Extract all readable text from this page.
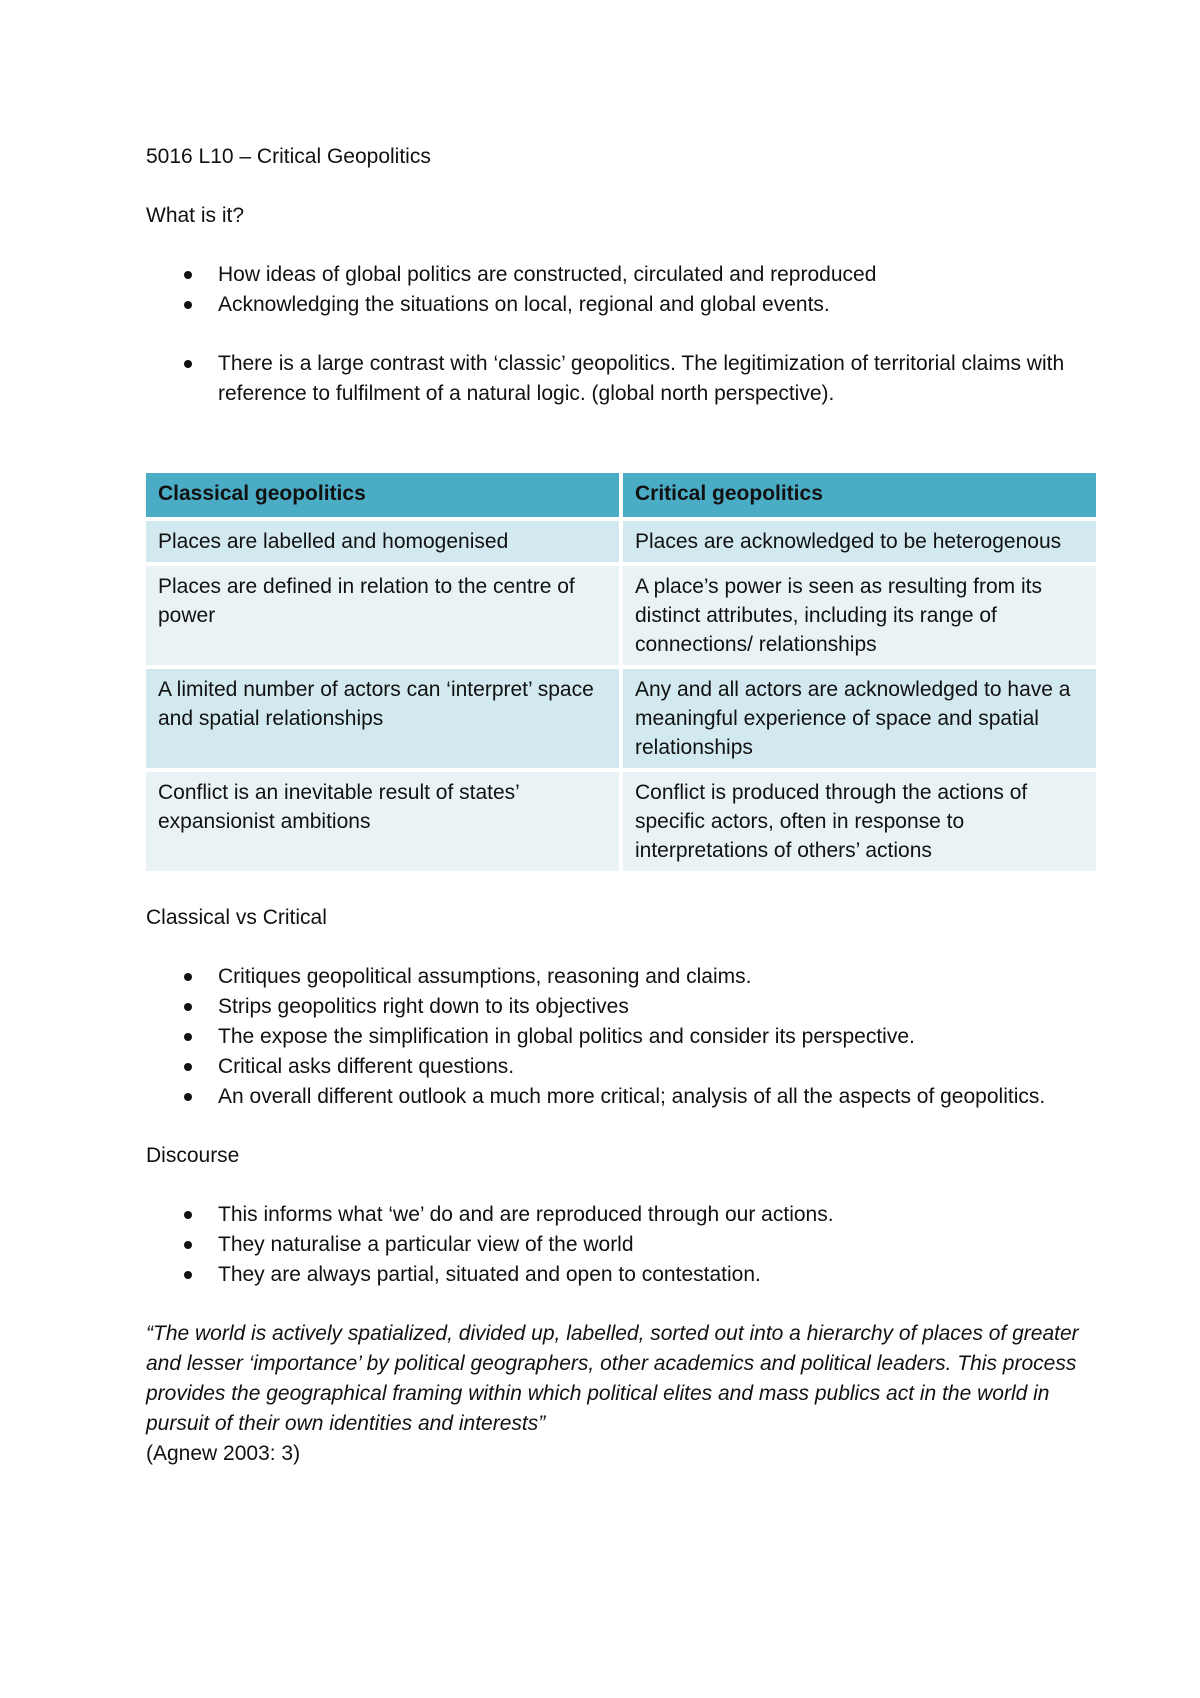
5016 L10 – Critical Geopolitics

What is it?

How ideas of global politics are constructed, circulated and reproduced
Acknowledging the situations on local, regional and global events.
There is a large contrast with ‘classic’ geopolitics. The legitimization of territorial claims with reference to fulfilment of a natural logic. (global north perspective).
Classical geopolitics	Critical geopolitics
Places are labelled and homogenised	Places are acknowledged to be heterogenous
Places are defined in relation to the centre of power	A place’s power is seen as resulting from its distinct attributes, including its range of connections/ relationships
A limited number of actors can ‘interpret’ space and spatial relationships	Any and all actors are acknowledged to have a meaningful experience of space and spatial relationships
Conflict is an inevitable result of states’ expansionist ambitions	Conflict is produced through the actions of specific actors, often in response to interpretations of others’ actions

Classical vs Critical

Critiques geopolitical assumptions, reasoning and claims.
Strips geopolitics right down to its objectives
The expose the simplification in global politics and consider its perspective.
Critical asks different questions.
An overall different outlook a much more critical; analysis of all the aspects of geopolitics.

Discourse

This informs what ‘we’ do and are reproduced through our actions.
They naturalise a particular view of the world
They are always partial, situated and open to contestation.

“The world is actively spatialized, divided up, labelled, sorted out into a hierarchy of places of greater and lesser ‘importance’ by political geographers, other academics and political leaders. This process provides the geographical framing within which political elites and mass publics act in the world in pursuit of their own identities and interests”

(Agnew 2003: 3)
